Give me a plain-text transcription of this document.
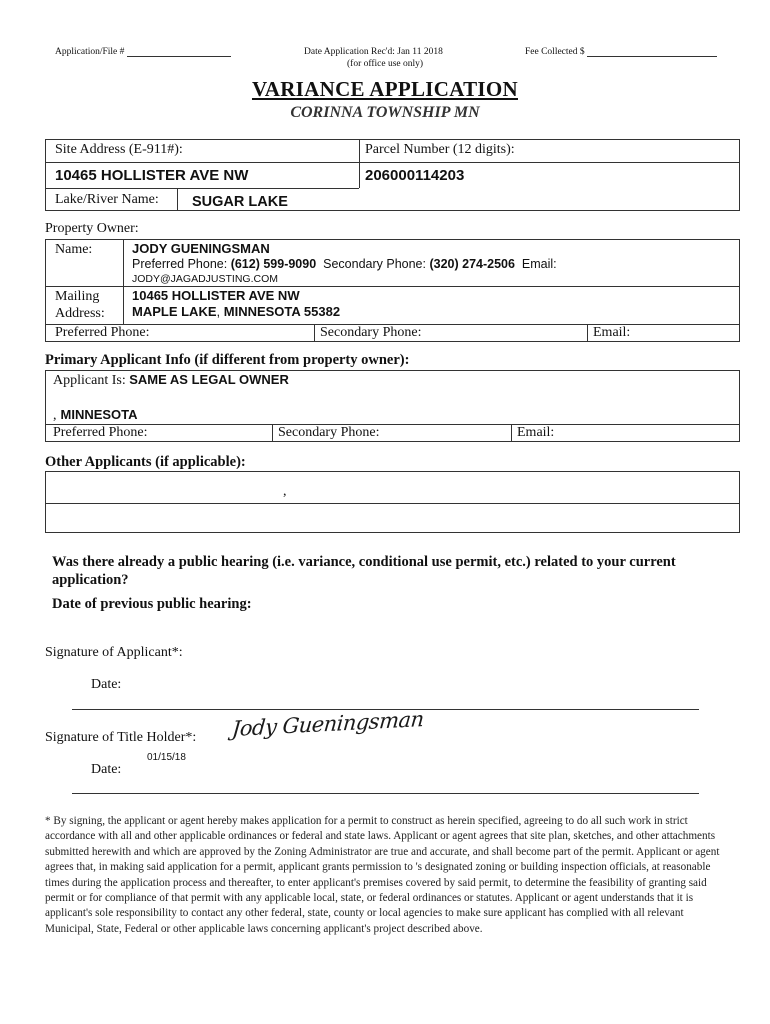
Application/File #	Date Application Rec'd: Jan 11 2018
(for office use only)
Fee Collected $
VARIANCE APPLICATION
CORINNA TOWNSHIP MN
Site Address (E-911#):	Parcel Number (12 digits):
10465 HOLLISTER AVE NW	206000114203
Lake/River Name: SUGAR LAKE
Property Owner:
Name:	JODY GUENINGSMAN
Preferred Phone: (612) 599-9090 Secondary Phone: (320) 274-2506 Email:
JODY@JAGADJUSTING.COM
Mailing
Address:
10465 HOLLISTER AVE NW
MAPLE LAKE, MINNESOTA 55382
Preferred Phone:	Secondary Phone:	Email:
Primary Applicant Info (if different from property owner):
Applicant Is: SAME AS LEGAL OWNER
, MINNESOTA
Preferred Phone:	Secondary Phone:	Email:
Other Applicants (if applicable):
,
Was there already a public hearing (i.e. variance, conditional use permit, etc.) related to your current application?
Date of previous public hearing:
Signature of Applicant*:
Date:
Signature of Title Holder*: Jody Gueningsman
01/15/18
Date:
* By signing, the applicant or agent hereby makes application for a permit to construct as herein specified, agreeing to do all such work in strict accordance with all and other applicable ordinances or federal and state laws. Applicant or agent agrees that site plan, sketches, and other attachments submitted herewith and which are approved by the Zoning Administrator are true and accurate, and shall become part of the permit. Applicant or agent agrees that, in making said application for a permit, applicant grants permission to 's designated zoning or building inspection officials, at reasonable times during the application process and thereafter, to enter applicant's premises covered by said permit, to determine the feasibility of granting said permit or for compliance of that permit with any applicable local, state, or federal ordinances or statutes. Applicant or agent understands that it is applicant's sole responsibility to contact any other federal, state, county or local agencies to make sure applicant has complied with all relevant Municipal, State, Federal or other applicable laws concerning applicant's project described above.
